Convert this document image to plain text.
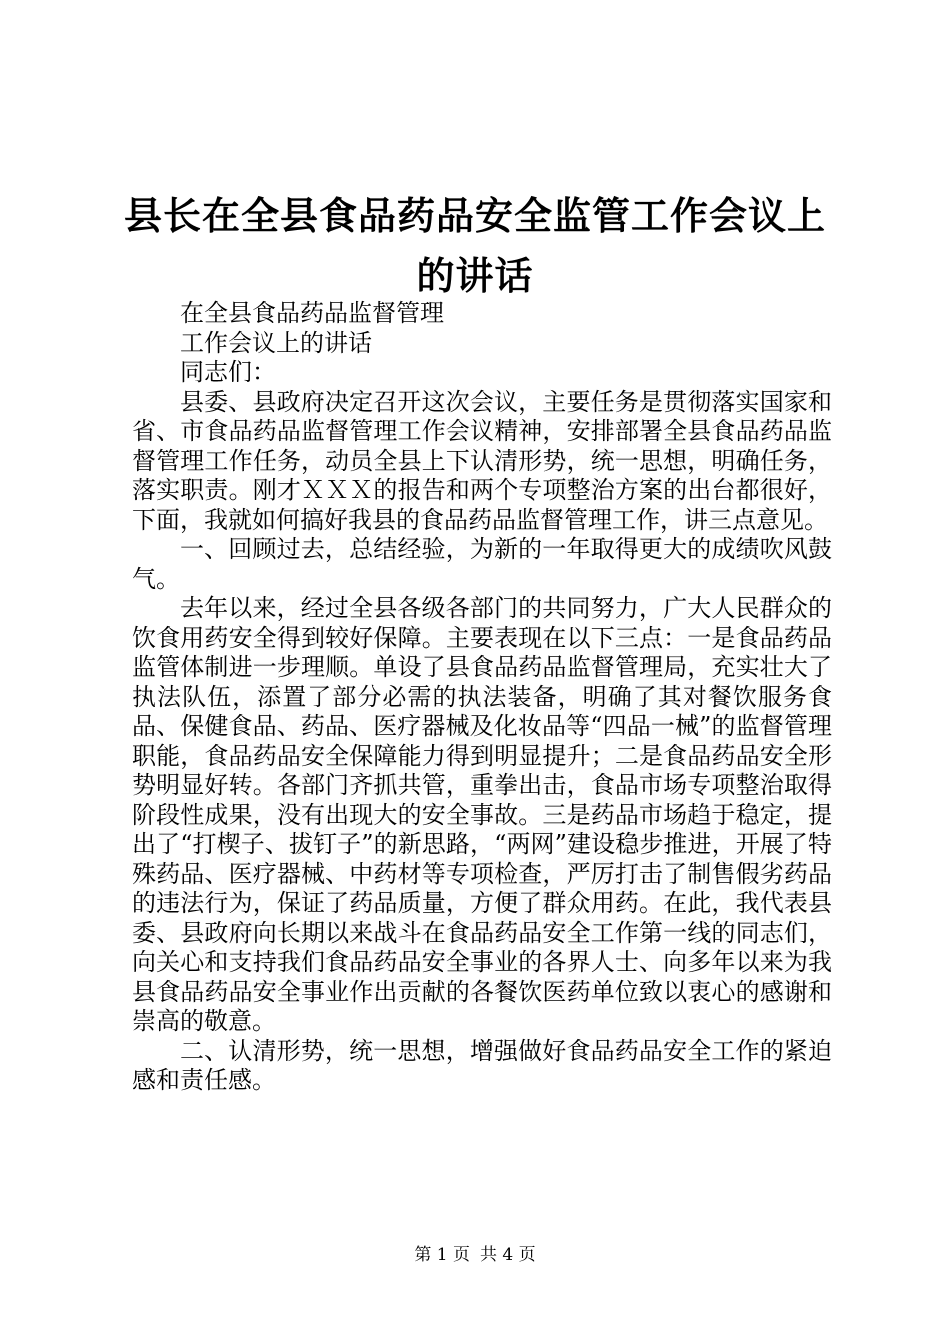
县长在全县食品药品安全监管工作会议上的讲话

在全县食品药品监督管理

工作会议上的讲话

同志们：

县委、县政府决定召开这次会议，主要任务是贯彻落实国家和省、市食品药品监督管理工作会议精神，安排部署全县食品药品监督管理工作任务，动员全县上下认清形势，统一思想，明确任务，落实职责。刚才ＸＸＸ的报告和两个专项整治方案的出台都很好，下面，我就如何搞好我县的食品药品监督管理工作，讲三点意见。

一、回顾过去，总结经验，为新的一年取得更大的成绩吹风鼓气。

去年以来，经过全县各级各部门的共同努力，广大人民群众的饮食用药安全得到较好保障。主要表现在以下三点：一是食品药品监管体制进一步理顺。单设了县食品药品监督管理局，充实壮大了执法队伍，添置了部分必需的执法装备，明确了其对餐饮服务食品、保健食品、药品、医疗器械及化妆品等“四品一械”的监督管理职能，食品药品安全保障能力得到明显提升；二是食品药品安全形势明显好转。各部门齐抓共管，重拳出击，食品市场专项整治取得阶段性成果，没有出现大的安全事故。三是药品市场趋于稳定，提出了“打楔子、拔钉子”的新思路，“两网”建设稳步推进，开展了特殊药品、医疗器械、中药材等专项检查，严厉打击了制售假劣药品的违法行为，保证了药品质量，方便了群众用药。在此，我代表县委、县政府向长期以来战斗在食品药品安全工作第一线的同志们，向关心和支持我们食品药品安全事业的各界人士、向多年以来为我县食品药品安全事业作出贡献的各餐饮医药单位致以衷心的感谢和崇高的敬意。

二、认清形势，统一思想，增强做好食品药品安全工作的紧迫感和责任感。

第 1 页 共 4 页
